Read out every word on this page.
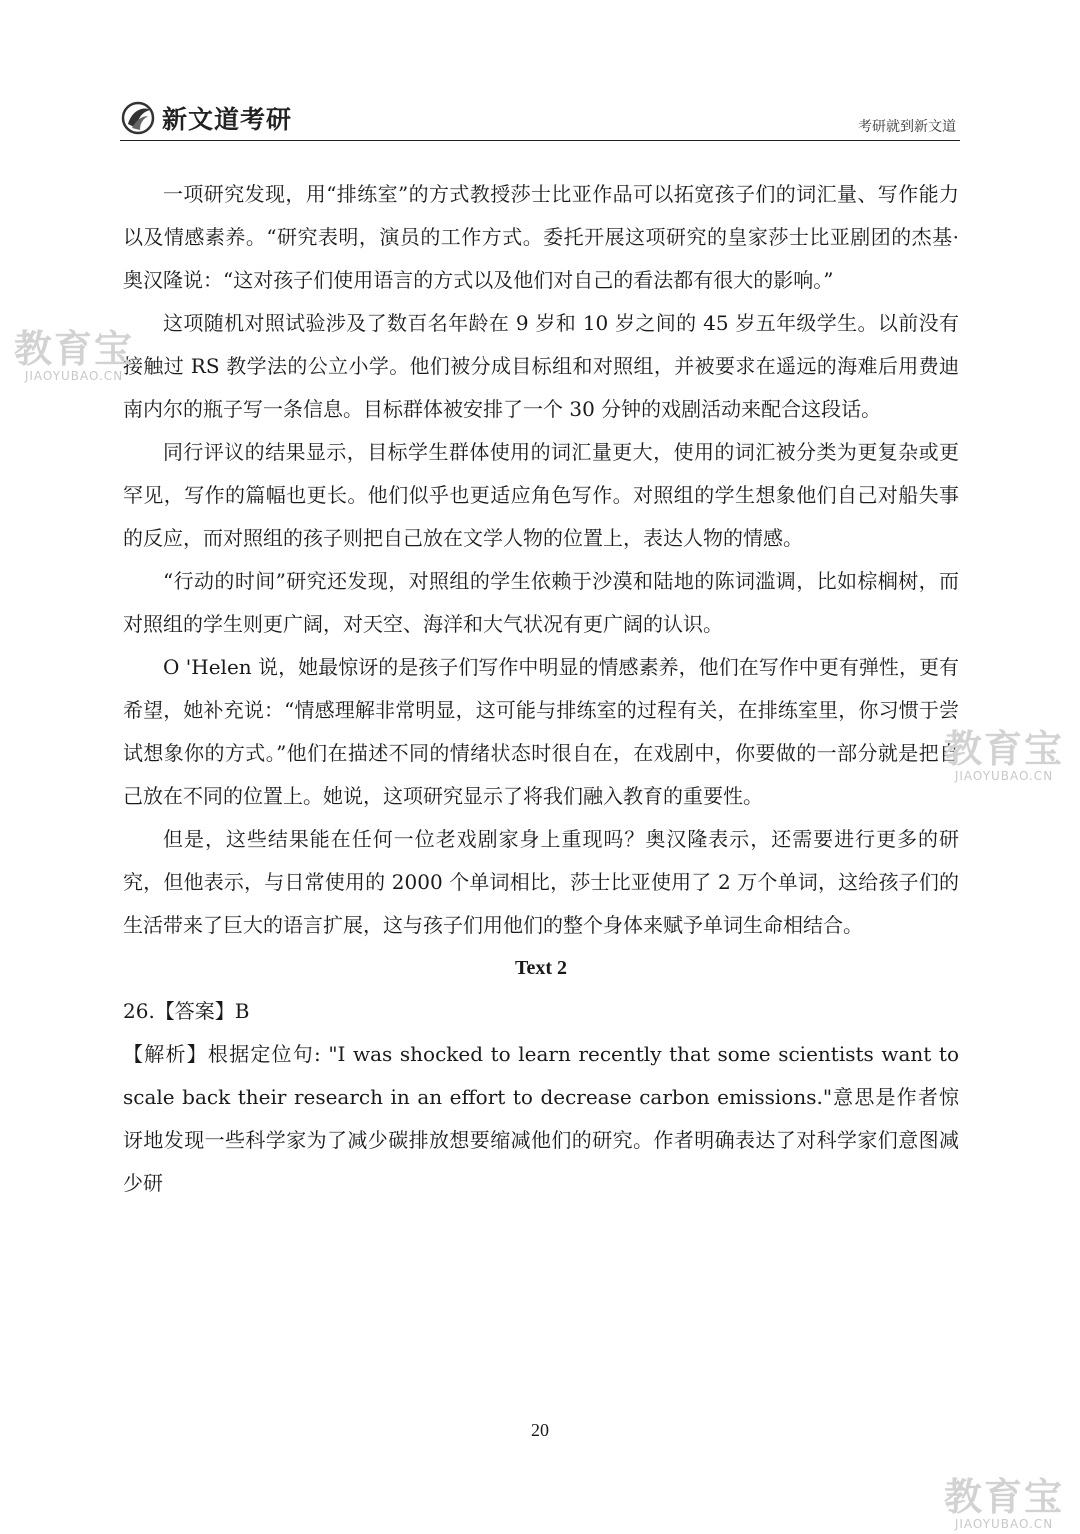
新文道考研	考研就到新文道

一项研究发现，用“排练室”的方式教授莎士比亚作品可以拓宽孩子们的词汇量、写作能力以及情感素养。“研究表明，演员的工作方式。委托开展这项研究的皇家莎士比亚剧团的杰基·奥汉隆说：“这对孩子们使用语言的方式以及他们对自己的看法都有很大的影响。”

这项随机对照试验涉及了数百名年龄在 9 岁和 10 岁之间的 45 岁五年级学生。以前没有接触过 RS 教学法的公立小学。他们被分成目标组和对照组，并被要求在遥远的海难后用费迪南内尔的瓶子写一条信息。目标群体被安排了一个 30 分钟的戏剧活动来配合这段话。

同行评议的结果显示，目标学生群体使用的词汇量更大，使用的词汇被分类为更复杂或更罕见，写作的篇幅也更长。他们似乎也更适应角色写作。对照组的学生想象他们自己对船失事的反应，而对照组的孩子则把自己放在文学人物的位置上，表达人物的情感。

“行动的时间”研究还发现，对照组的学生依赖于沙漠和陆地的陈词滥调，比如棕榈树，而对照组的学生则更广阔，对天空、海洋和大气状况有更广阔的认识。

O 'Helen 说，她最惊讶的是孩子们写作中明显的情感素养，他们在写作中更有弹性，更有希望，她补充说：“情感理解非常明显，这可能与排练室的过程有关，在排练室里，你习惯于尝试想象你的方式。”他们在描述不同的情绪状态时很自在，在戏剧中，你要做的一部分就是把自己放在不同的位置上。她说，这项研究显示了将我们融入教育的重要性。

但是，这些结果能在任何一位老戏剧家身上重现吗？奥汉隆表示，还需要进行更多的研究，但他表示，与日常使用的 2000 个单词相比，莎士比亚使用了 2 万个单词，这给孩子们的生活带来了巨大的语言扩展，这与孩子们用他们的整个身体来赋予单词生命相结合。

Text 2

26.【答案】B

【解析】根据定位句: "I was shocked to learn recently that some scientists want to scale back their research in an effort to decrease carbon emissions."意思是作者惊讶地发现一些科学家为了减少碳排放想要缩减他们的研究。作者明确表达了对科学家们意图减少研

20
教育宝
JIAOYUBAO.CN
教育宝
JIAOYUBAO.CN
教育宝
JIAOYUBAO.CN
